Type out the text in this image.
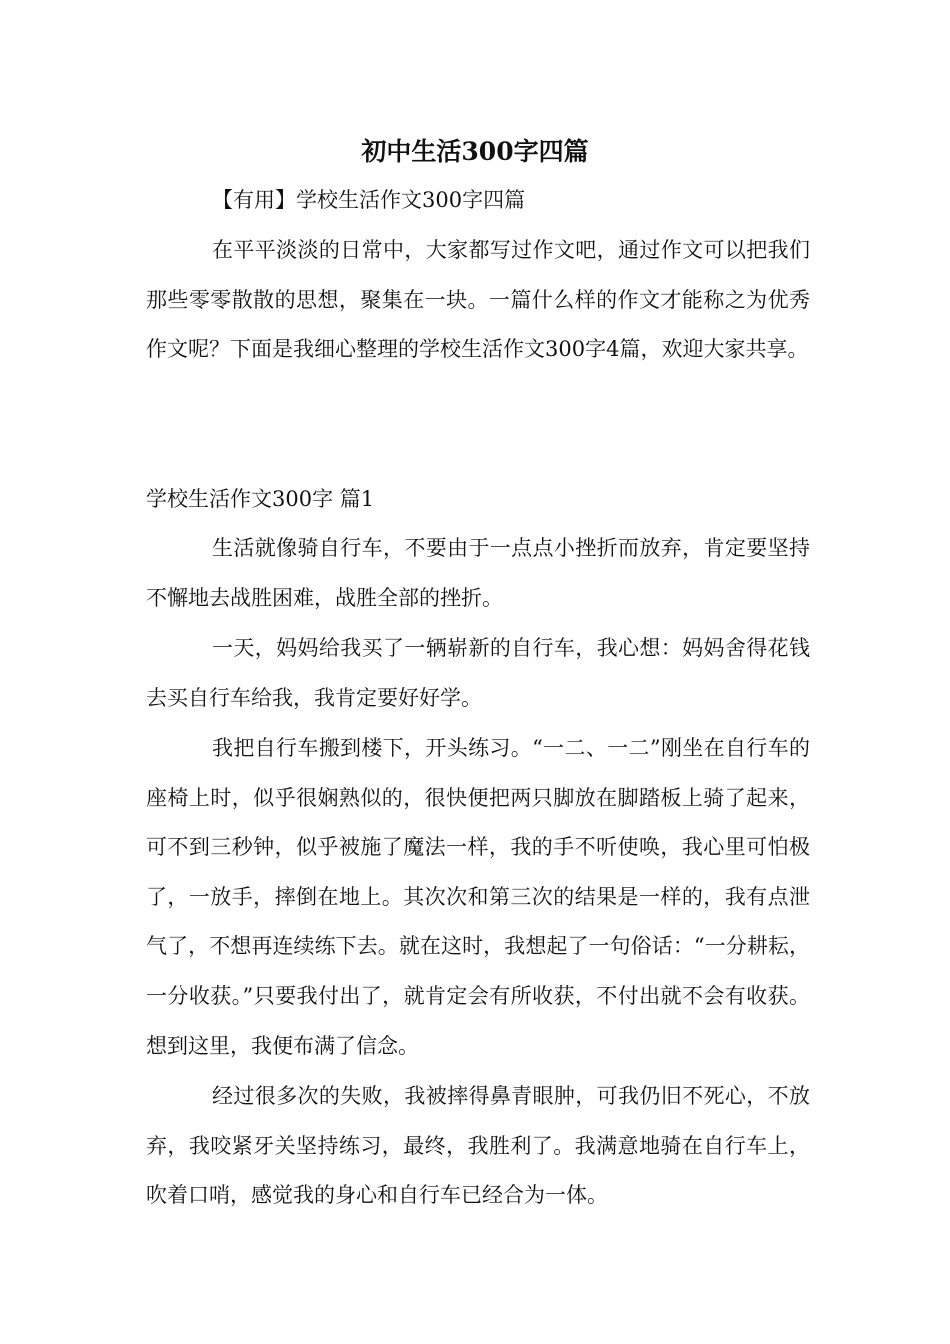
初中生活300字四篇

【有用】学校生活作文300字四篇

在平平淡淡的日常中，大家都写过作文吧，通过作文可以把我们那些零零散散的思想，聚集在一块。一篇什么样的作文才能称之为优秀作文呢？下面是我细心整理的学校生活作文300字4篇，欢迎大家共享。

学校生活作文300字 篇1

生活就像骑自行车，不要由于一点点小挫折而放弃，肯定要坚持不懈地去战胜困难，战胜全部的挫折。

一天，妈妈给我买了一辆崭新的自行车，我心想：妈妈舍得花钱去买自行车给我，我肯定要好好学。

我把自行车搬到楼下，开头练习。“一二、一二”刚坐在自行车的座椅上时，似乎很娴熟似的，很快便把两只脚放在脚踏板上骑了起来，可不到三秒钟，似乎被施了魔法一样，我的手不听使唤，我心里可怕极了，一放手，摔倒在地上。其次次和第三次的结果是一样的，我有点泄气了，不想再连续练下去。就在这时，我想起了一句俗话：“一分耕耘，一分收获。”只要我付出了，就肯定会有所收获，不付出就不会有收获。想到这里，我便布满了信念。

经过很多次的失败，我被摔得鼻青眼肿，可我仍旧不死心，不放弃，我咬紧牙关坚持练习，最终，我胜利了。我满意地骑在自行车上，吹着口哨，感觉我的身心和自行车已经合为一体。
